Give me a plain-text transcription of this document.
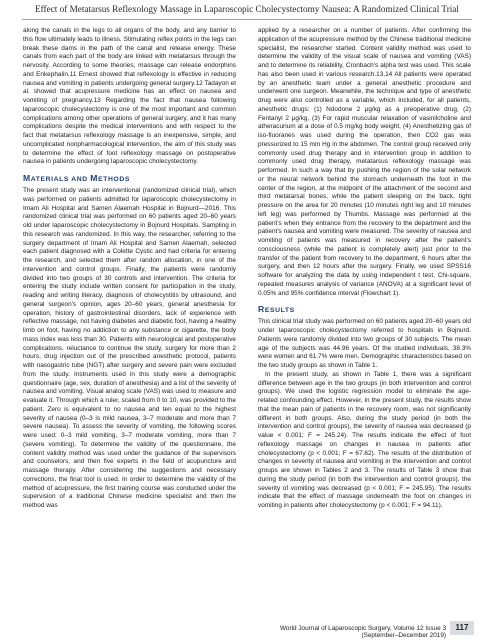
Effect of Metatarsus Reflexology Massage in Laparoscopic Cholecystectomy Nausea: A Randomized Clinical Trial

along the canals in the legs to all organs of the body, and any barrier to this flow ultimately leads to illness. Stimulating reflex points in the legs can break these dams in the path of the canal and release energy. These canals from each part of the body are linked with metatarsus through the nervosity. According to some theories, massage can release endorphins and Enkephalin.11 Ernest showed that reflexology is effective in reducing nausea and vomiting in patients undergoing general surgery.12 Tadayon et al. showed that acupressure medicine has an effect on nausea and vomiting of pregnancy.13 Regarding the fact that nausea following laparoscopic cholecystectomy is one of the most important and common complications among other operations of general surgery, and it has many complications despite the medical interventions and with respect to the fact that metatarsus reflexology massage is an inexpensive, simple, and uncomplicated nonpharmacological intervention, the aim of this study was to determine the effect of foot reflexology massage on postoperative nausea in patients undergoing laparoscopic cholecystectomy.

MATERIALS AND METHODS

The present study was an interventional (randomized clinical trial), which was performed on patients admitted for laparoscopic cholecystectomy in Imam Ali Hospital and Samen Alaemah Hospital in Bojnurd—2016. This randomized clinical trial was performed on 60 patients aged 20–60 years old under laparoscopic cholecystectomy in Bojnurd Hospitals. Sampling in this research was randomized. In this way, the researcher, referring to the surgery department of Imam Ali Hospital and Samen Alaemah, selected each patient diagnosed with a Colette Cystic and had criteria for entering the research, and selected them after random allocation, in one of the intervention and control groups. Finally, the patients were randomly divided into two groups of 30 controls and intervention. The criteria for entering the study include written consent for participation in the study, reading and writing literacy, diagnosis of cholecystitis by ultrasound, and general surgeon's opinion, ages 20–60 years, general anesthesia for operation, history of gastrointestinal disorders, lack of experience with reflective massage, not having diabetes and diabetic foot, having a healthy limb on foot, having no addiction to any substance or cigarette, the body mass index was less than 30. Patients with neurological and postoperative complications, reluctance to continue the study, surgery for more than 2 hours, drug injection out of the prescribed anesthetic protocol, patients with nasogastric tube (NGT) after surgery and severe pain were excluded from the study. Instruments used in this study were a demographic questionnaire (age, sex, duration of anesthesia) and a list of the severity of nausea and vomiting. Visual analog scale (VAS) was used to measure and evaluate it. Through which a ruler, scaled from 0 to 10, was provided to the patient. Zero is equivalent to no nausea and ten equal to the highest severity of nausea (0–3 is mild nausea, 3–7 moderate and more than 7 severe nausea). To assess the severity of vomiting, the following scores were used: 0–3 mild vomiting, 3–7 moderate vomiting, more than 7 (severe vomiting). To determine the validity of the questionnaire, the content validity method was used under the guidance of the supervisors and counselors, and then five experts in the field of acupuncture and massage therapy. After considering the suggestions and necessary corrections, the final tool is used. In order to determine the validity of the method of acupressure, the first training course was conducted under the supervision of a traditional Chinese medicine specialist and then the method was

applied by a researcher on a number of patients. After confirming the application of the acupressure method by the Chinese traditional medicine specialist, the researcher started. Content validity method was used to determine the validity of the visual scale of nausea and vomiting (VAS) and to determine its reliability, Cronbach's alpha test was used. This scale has also been used in various research.13,14 All patients were operated by an anesthetic team under a general anesthetic procedure and underwent one surgeon. Meanwhile, the technique and type of anesthetic drug were also controlled as a variable, which included, for all patients, anesthetic drugs: (1) Ndodone 2 μg/kg as a preoperative drug, (2) Fentanyl 2 μg/kg, (3) For rapid muscular relaxation of vasinilcholine and atheracurium at a dose of 0.5 mg/kg body weight, (4) Anesthetizing gas of iso-fluoranes was used during the operation, then CO2 gas was pressurized to 15 mm Hg in the abdomen. The control group received only commonly used drug therapy and in intervention group in addition to commonly used drug therapy, metatarsus reflexology massage was performed. In such a way that by pushing the region of the solar network or the neural network behind the stomach underneath the foot in the center of the region, at the midpoint of the attachment of the second and third metatarsal bones, while the patient sleeping on the back, tight pressure on the area for 20 minutes (10 minutes right leg and 10 minutes left leg) was performed by Thumbs. Massage was performed at the patient's when they entrance from the recovery to the department and the patient's nausea and vomiting were measured. The severity of nausea and vomiting of patients was measured in recovery after the patient's consciousness (while the patient is completely alert) just prior to the transfer of the patient from recovery to the department, 6 hours after the surgery, and then 12 hours after the surgery. Finally, we used SPSS16 software for analyzing the data by using independent t test, Chi-square, repeated measures analysis of variance (ANOVA) at a significant level of 0.05% and 95% confidence interval (Flowchart 1).

RESULTS

This clinical trial study was performed on 60 patients aged 20–60 years old under laparoscopic cholecystectomy referred to hospitals in Bojnurd. Patients were randomly divided into two groups of 30 subjects. The mean age of the subjects was 44.96 years. Of the studied individuals, 38.3% were women and 61.7% were men. Demographic characteristics based on the two study groups as shown in Table 1.

In the present study, as shown in Table 1, there was a significant difference between age in the two groups (in both intervention and control groups). We used the logistic regression model to eliminate the age-related confounding effect. However, in the present study, the results show that the mean pain of patients in the recovery room, was not significantly different in both groups. Also, during the study period (in both the intervention and control groups), the severity of nausea was decreased (p value < 0.001; F = 245.24). The results indicate the effect of foot reflexology massage on changes in nausea in patients after cholecystectomy (p < 0.001; F = 67.62). The results of the distribution of changes in severity of nausea and vomiting in the intervention and control groups are shown in Tables 2 and 3. The results of Table 3 show that during the study period (in both the intervention and control groups), the severity of vomiting was decreased (p < 0.001; F = 245.95). The results indicate that the effect of massage underneath the foot on changes in vomiting in patients after cholecystectomy (p < 0.001; F = 94.11).

World Journal of Laparoscopic Surgery, Volume 12 Issue 3 (September–December 2019)
117
